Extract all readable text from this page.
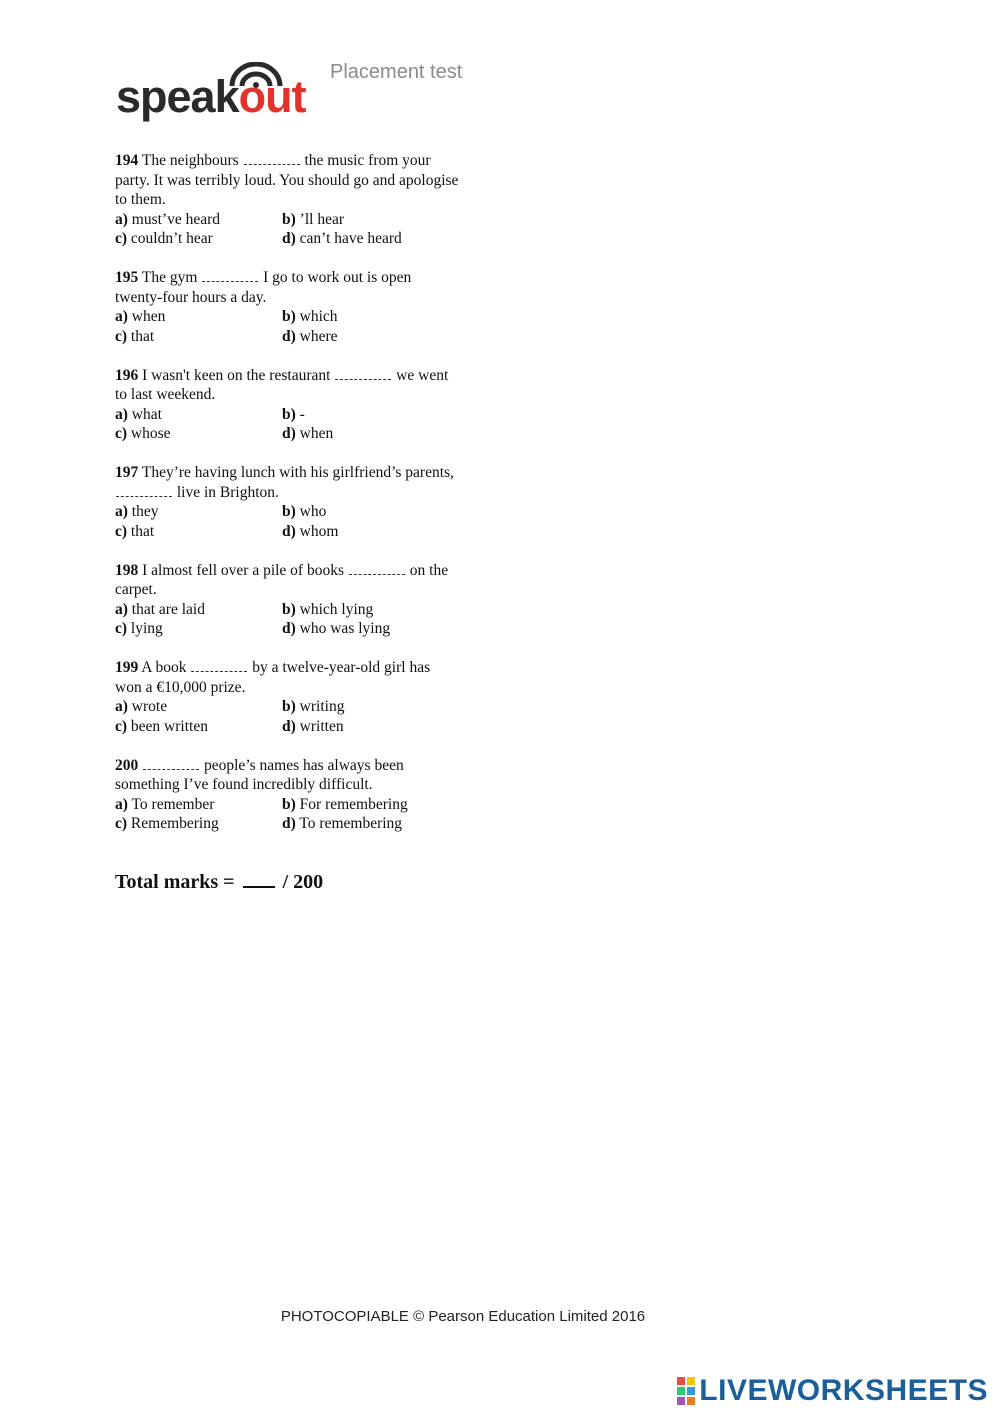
speakout Placement test
194 The neighbours	the music from your party. It was terribly loud. You should go and apologise to them.
a) must’ve heard	b) ’ll hear
c) couldn’t hear	d) can’t have heard
195 The gym	I go to work out is open twenty-four hours a day.
a) when	b) which
c) that	d) where
196 I wasn't keen on the restaurant	we went to last weekend.
a) what	b) -
c) whose	d) when
197 They’re having lunch with his girlfriend’s parents,  live in Brighton.
a) they	b) who
c) that	d) whom
198 I almost fell over a pile of books	on the carpet.
a) that are laid	b) which lying
c) lying	d) who was lying
199 A book	by a twelve-year-old girl has won a €10,000 prize.
a) wrote	b) writing
c) been written	d) written
200	people’s names has always been something I’ve found incredibly difficult.
a) To remember	b) For remembering
c) Remembering	d) To remembering
Total marks = / 200
PHOTOCOPIABLE © Pearson Education Limited 2016
LIVEWORKSHEETS
